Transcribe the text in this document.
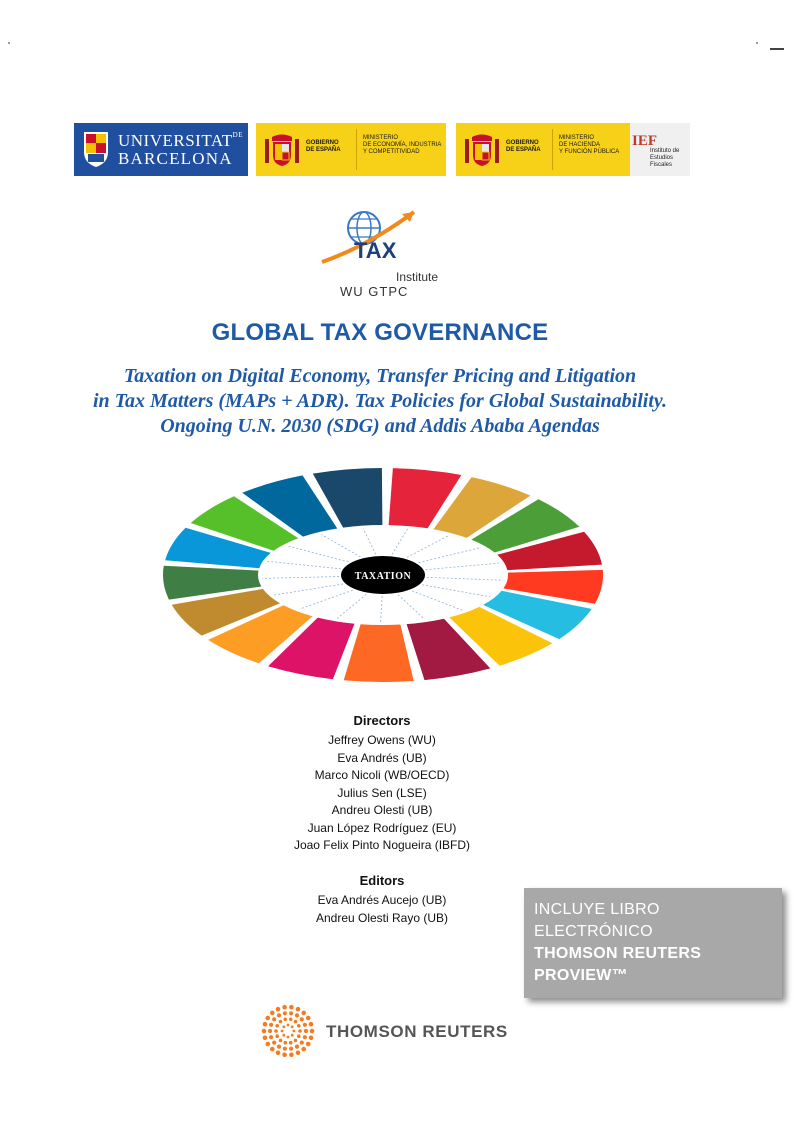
$UNIVERSITAT^{DE}$
BARCELONA
GOBIERNO
DE ESPAÑA
MINISTERIO
DE ECONOMÍA, INDUSTRIA
Y COMPETITIVIDAD
GOBIERNO
DE ESPAÑA
MINISTERIO
DE HACIENDA
Y FUNCIÓN PÚBLICA
IEF
Instituto de
Estudios Fiscales
TAX
Institute
WU GTPC
GLOBAL TAX GOVERNANCE
Taxation on Digital Economy, Transfer Pricing and Litigation
in Tax Matters (MAPs + ADR). Tax Policies for Global Sustainability.
Ongoing U.N. 2030 (SDG) and Addis Ababa Agendas
TAXATION
Directors
Jeffrey Owens (WU)
Eva Andrés (UB)
Marco Nicoli (WB/OECD)
Julius Sen (LSE)
Andreu Olesti (UB)
Juan López Rodríguez (EU)
Joao Felix Pinto Nogueira (IBFD)
Editors
Eva Andrés Aucejo (UB)
Andreu Olesti Rayo (UB)	INCLUYE LIBRO
ELECTRÓNICO
THOMSON REUTERS
PROVIEW™
THOMSON REUTERS
